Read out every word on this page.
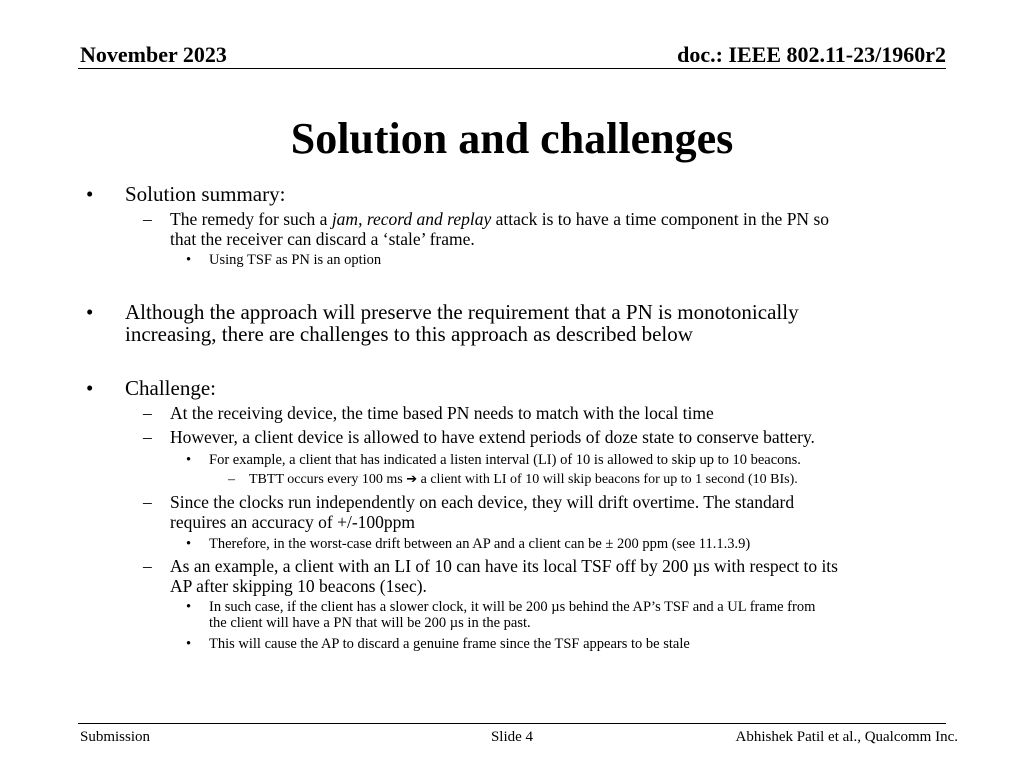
November 2023	doc.: IEEE 802.11-23/1960r2
Solution and challenges
• Solution summary:
– The remedy for such a jam, record and replay attack is to have a time component in the PN so
that the receiver can discard a ‘stale’ frame.
• Using TSF as PN is an option
• Although the approach will preserve the requirement that a PN is monotonically
increasing, there are challenges to this approach as described below
• Challenge:
– At the receiving device, the time based PN needs to match with the local time
– However, a client device is allowed to have extend periods of doze state to conserve battery.
• For example, a client that has indicated a listen interval (LI) of 10 is allowed to skip up to 10 beacons.
– TBTT occurs every 100 ms ➔ a client with LI of 10 will skip beacons for up to 1 second (10 BIs).
– Since the clocks run independently on each device, they will drift overtime. The standard
requires an accuracy of +/-100ppm
• Therefore, in the worst-case drift between an AP and a client can be ± 200 ppm (see 11.1.3.9)
– As an example, a client with an LI of 10 can have its local TSF off by 200 µs with respect to its
AP after skipping 10 beacons (1sec).
• In such case, if the client has a slower clock, it will be 200 µs behind the AP’s TSF and a UL frame from
the client will have a PN that will be 200 µs in the past.
• This will cause the AP to discard a genuine frame since the TSF appears to be stale
Submission	Slide 4	Abhishek Patil et al., Qualcomm Inc.
